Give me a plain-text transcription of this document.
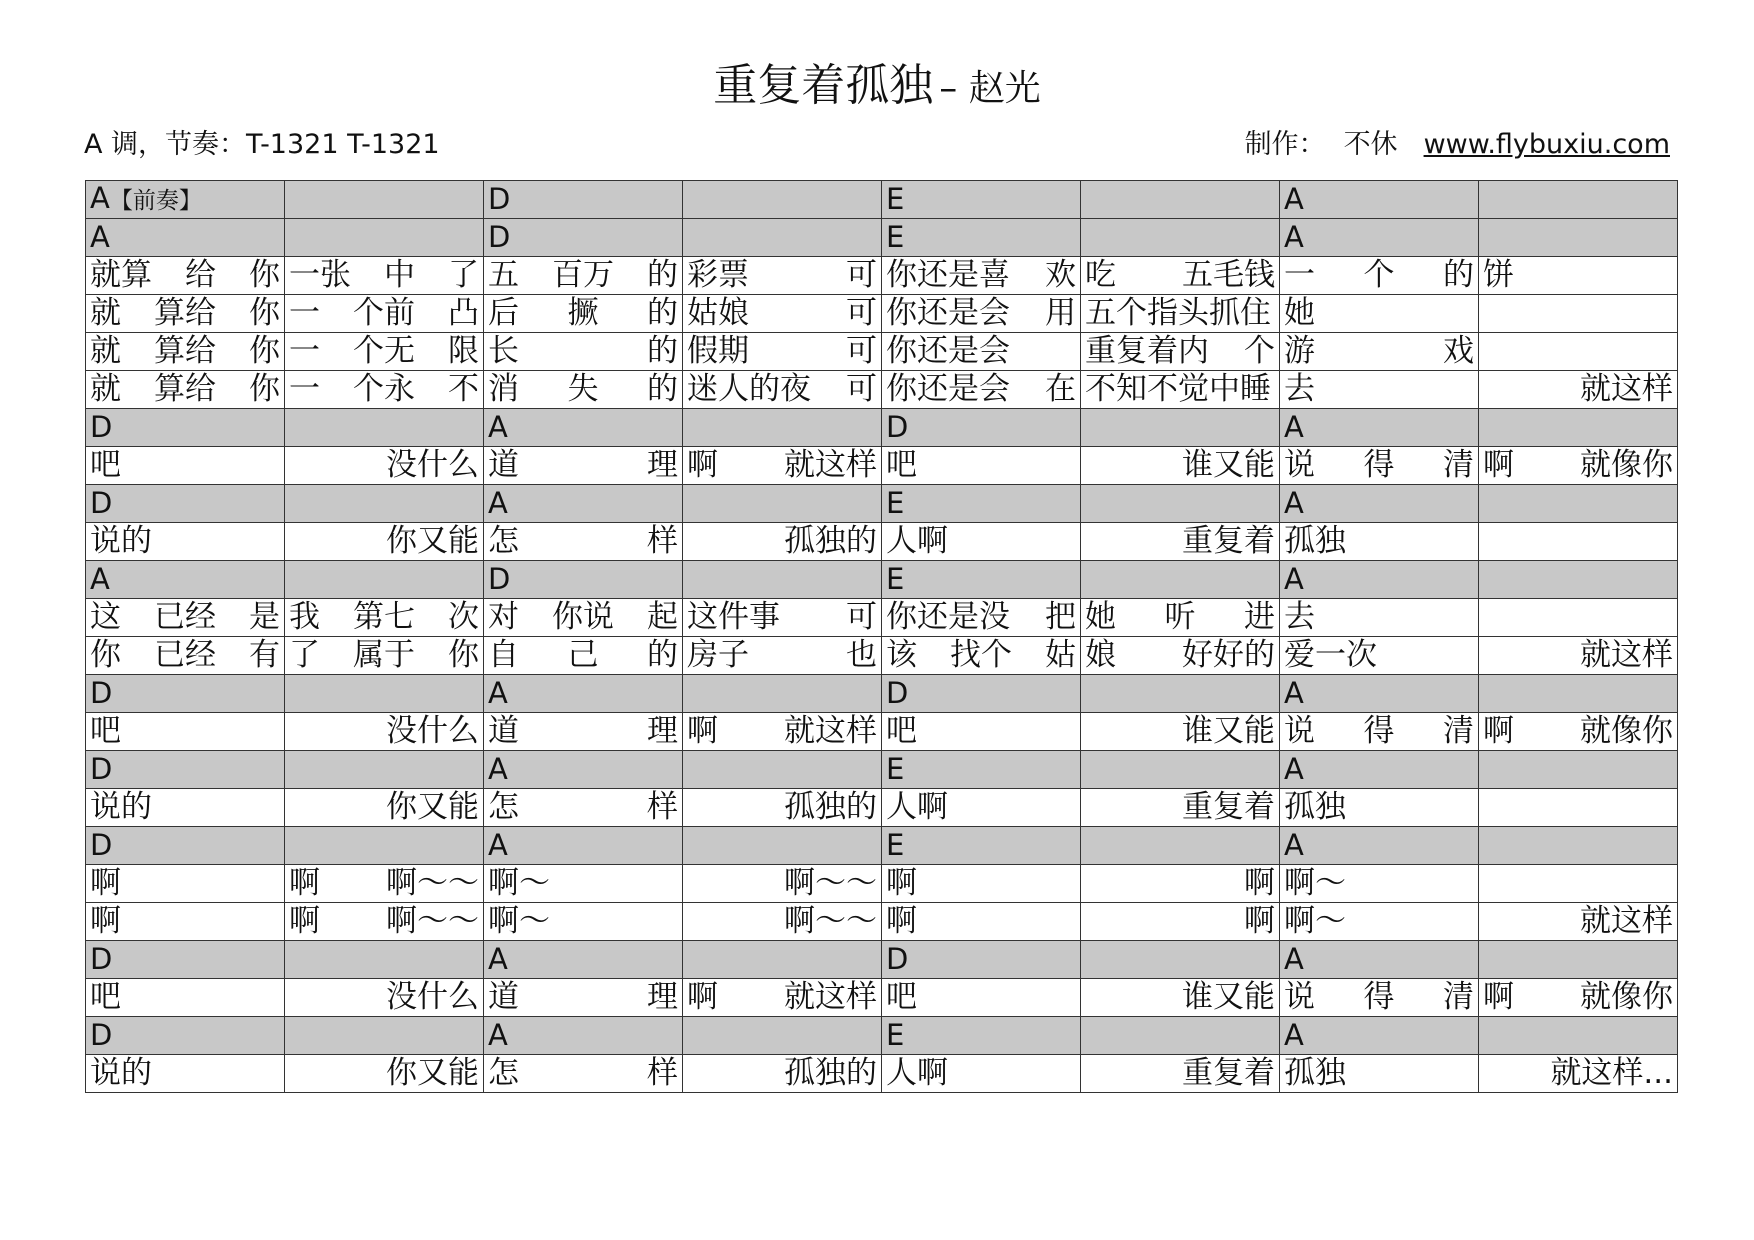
重复着孤独 – 赵光
A 调，节奏：T-1321 T-1321	制作： 不休 www.flybuxiu.com
A【前奏】		D		E		A	

A		D		E		A	

就算 给 你	一张 中 了	五 百万 的	彩票 可	你还是喜 欢	吃 五毛钱	一 个 的	饼

就 算给 你	一 个前 凸	后 撅 的	姑娘 可	你还是会 用	五个指头抓住	她	

就 算给 你	一 个无 限	长 的	假期 可	你还是会	重复着内 个	游 戏	

就 算给 你	一 个永 不	消 失 的	迷人的夜 可	你还是会 在	不知不觉中睡	去	就这样

D		A		D		A	

吧	没什么	道 理	啊 就这样	吧	谁又能	说 得 清	啊 就像你

D		A		E		A	

说的	你又能	怎 样	孤独的	人啊	重复着	孤独	

A		D		E		A	

这 已经 是	我 第七 次	对 你说 起	这件事 可	你还是没 把	她 听 进	去	

你 已经 有	了 属于 你	自 己 的	房子 也	该 找个 姑	娘 好好的	爱一次	就这样

D		A		D		A	

吧	没什么	道 理	啊 就这样	吧	谁又能	说 得 清	啊 就像你

D		A		E		A	

说的	你又能	怎 样	孤独的	人啊	重复着	孤独	

D		A		E		A	

啊	啊 啊～～	啊～	啊～～	啊	啊	啊～	

啊	啊 啊～～	啊～	啊～～	啊	啊	啊～	就这样

D		A		D		A	

吧	没什么	道 理	啊 就这样	吧	谁又能	说 得 清	啊 就像你

D		A		E		A	

说的	你又能	怎 样	孤独的	人啊	重复着	孤独	就这样...
